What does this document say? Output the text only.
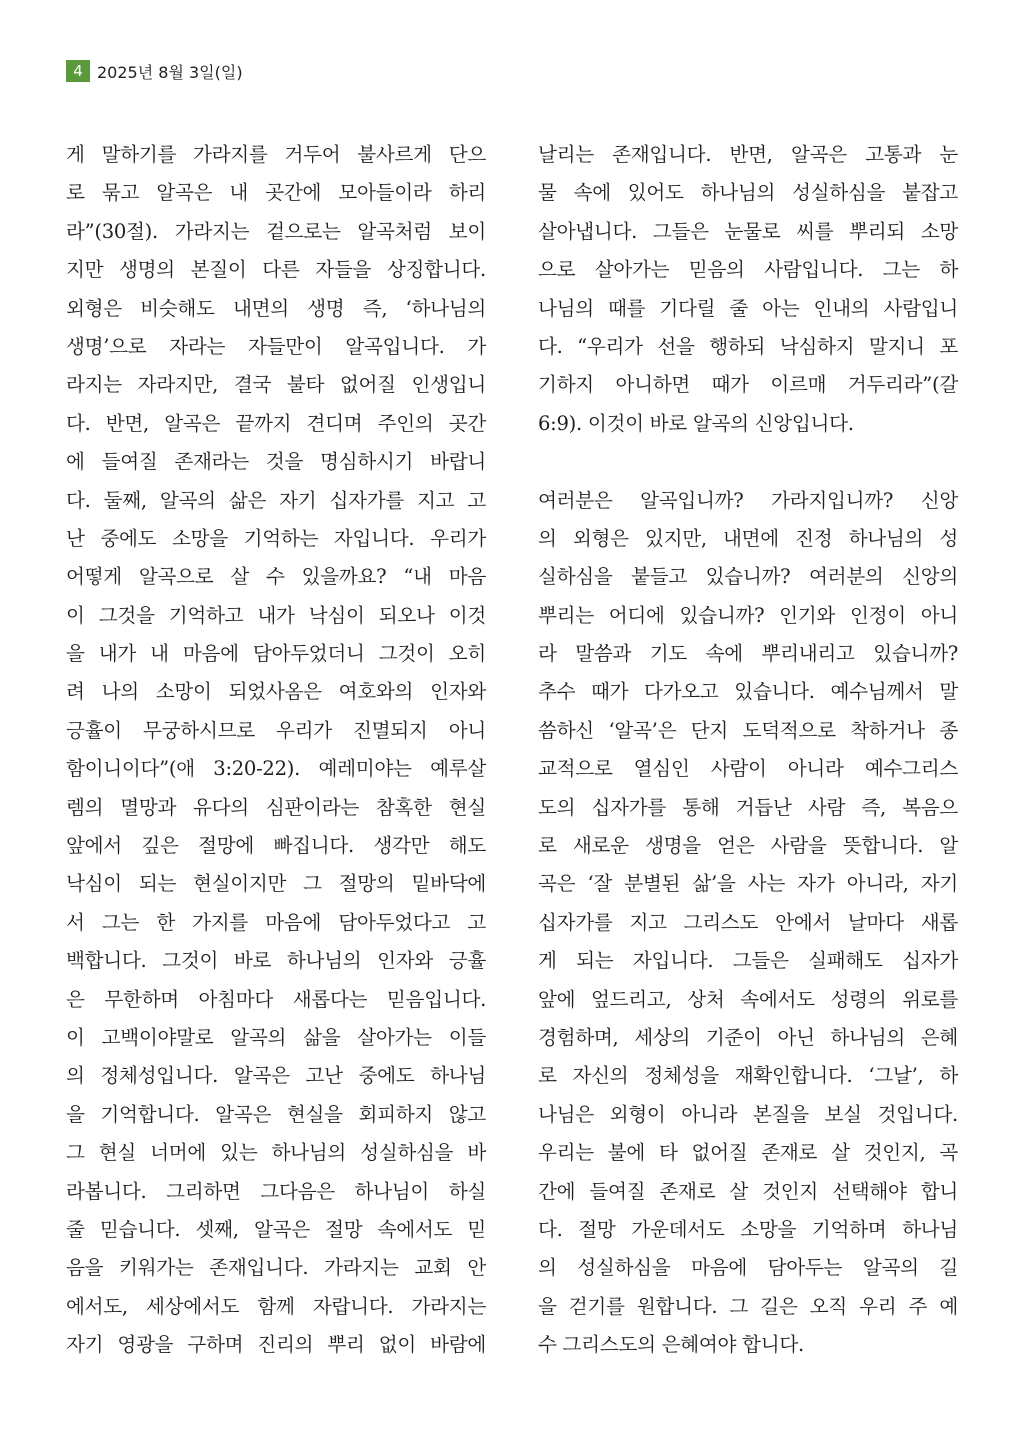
4 2025년 8월 3일(일)
게 말하기를 가라지를 거두어 불사르게 단으
로 묶고 알곡은 내 곳간에 모아들이라 하리
라”(30절). 가라지는 겉으로는 알곡처럼 보이
지만 생명의 본질이 다른 자들을 상징합니다.
외형은 비슷해도 내면의 생명 즉, ‘하나님의
생명’으로 자라는 자들만이 알곡입니다. 가
라지는 자라지만, 결국 불타 없어질 인생입니
다. 반면, 알곡은 끝까지 견디며 주인의 곳간
에 들여질 존재라는 것을 명심하시기 바랍니
다. 둘째, 알곡의 삶은 자기 십자가를 지고 고
난 중에도 소망을 기억하는 자입니다. 우리가
어떻게 알곡으로 살 수 있을까요? “내 마음
이 그것을 기억하고 내가 낙심이 되오나 이것
을 내가 내 마음에 담아두었더니 그것이 오히
려 나의 소망이 되었사옴은 여호와의 인자와
긍휼이 무궁하시므로 우리가 진멸되지 아니
함이니이다”(애 3:20-22). 예레미야는 예루살
렘의 멸망과 유다의 심판이라는 참혹한 현실
앞에서 깊은 절망에 빠집니다. 생각만 해도
낙심이 되는 현실이지만 그 절망의 밑바닥에
서 그는 한 가지를 마음에 담아두었다고 고
백합니다. 그것이 바로 하나님의 인자와 긍휼
은 무한하며 아침마다 새롭다는 믿음입니다.
이 고백이야말로 알곡의 삶을 살아가는 이들
의 정체성입니다. 알곡은 고난 중에도 하나님
을 기억합니다. 알곡은 현실을 회피하지 않고
그 현실 너머에 있는 하나님의 성실하심을 바
라봅니다. 그리하면 그다음은 하나님이 하실
줄 믿습니다. 셋째, 알곡은 절망 속에서도 믿
음을 키워가는 존재입니다. 가라지는 교회 안
에서도, 세상에서도 함께 자랍니다. 가라지는
자기 영광을 구하며 진리의 뿌리 없이 바람에
날리는 존재입니다. 반면, 알곡은 고통과 눈
물 속에 있어도 하나님의 성실하심을 붙잡고
살아냅니다. 그들은 눈물로 씨를 뿌리되 소망
으로 살아가는 믿음의 사람입니다. 그는 하
나님의 때를 기다릴 줄 아는 인내의 사람입니
다. “우리가 선을 행하되 낙심하지 말지니 포
기하지 아니하면 때가 이르매 거두리라”(갈
6:9). 이것이 바로 알곡의 신앙입니다.
여러분은 알곡입니까? 가라지입니까? 신앙
의 외형은 있지만, 내면에 진정 하나님의 성
실하심을 붙들고 있습니까? 여러분의 신앙의
뿌리는 어디에 있습니까? 인기와 인정이 아니
라 말씀과 기도 속에 뿌리내리고 있습니까?
추수 때가 다가오고 있습니다. 예수님께서 말
씀하신 ‘알곡’은 단지 도덕적으로 착하거나 종
교적으로 열심인 사람이 아니라 예수그리스
도의 십자가를 통해 거듭난 사람 즉, 복음으
로 새로운 생명을 얻은 사람을 뜻합니다. 알
곡은 ‘잘 분별된 삶’을 사는 자가 아니라, 자기
십자가를 지고 그리스도 안에서 날마다 새롭
게 되는 자입니다. 그들은 실패해도 십자가
앞에 엎드리고, 상처 속에서도 성령의 위로를
경험하며, 세상의 기준이 아닌 하나님의 은혜
로 자신의 정체성을 재확인합니다. ‘그날’, 하
나님은 외형이 아니라 본질을 보실 것입니다.
우리는 불에 타 없어질 존재로 살 것인지, 곡
간에 들여질 존재로 살 것인지 선택해야 합니
다. 절망 가운데서도 소망을 기억하며 하나님
의 성실하심을 마음에 담아두는 알곡의 길
을 걷기를 원합니다. 그 길은 오직 우리 주 예
수 그리스도의 은혜여야 합니다.
